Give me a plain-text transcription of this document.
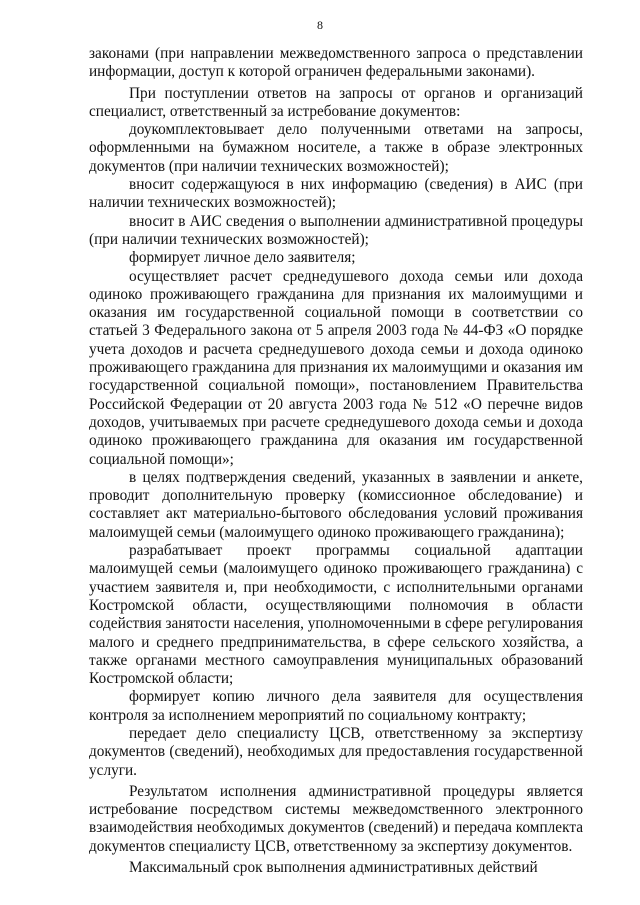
8

законами (при направлении межведомственного запроса о представлении информации, доступ к которой ограничен федеральными законами).

При поступлении ответов на запросы от органов и организаций специалист, ответственный за истребование документов:

доукомплектовывает дело полученными ответами на запросы, оформленными на бумажном носителе, а также в образе электронных документов (при наличии технических возможностей);

вносит содержащуюся в них информацию (сведения) в АИС (при наличии технических возможностей);

вносит в АИС сведения о выполнении административной процедуры (при наличии технических возможностей);

формирует личное дело заявителя;

осуществляет расчет среднедушевого дохода семьи или дохода одиноко проживающего гражданина для признания их малоимущими и оказания им государственной социальной помощи в соответствии со статьей 3 Федерального закона от 5 апреля 2003 года № 44-ФЗ «О порядке учета доходов и расчета среднедушевого дохода семьи и дохода одиноко проживающего гражданина для признания их малоимущими и оказания им государственной социальной помощи», постановлением Правительства Российской Федерации от 20 августа 2003 года № 512 «О перечне видов доходов, учитываемых при расчете среднедушевого дохода семьи и дохода одиноко проживающего гражданина для оказания им государственной социальной помощи»;

в целях подтверждения сведений, указанных в заявлении и анкете, проводит дополнительную проверку (комиссионное обследование) и составляет акт материально-бытового обследования условий проживания малоимущей семьи (малоимущего одиноко проживающего гражданина);

разрабатывает проект программы социальной адаптации малоимущей семьи (малоимущего одиноко проживающего гражданина) с участием заявителя и, при необходимости, с исполнительными органами Костромской области, осуществляющими полномочия в области содействия занятости населения, уполномоченными в сфере регулирования малого и среднего предпринимательства, в сфере сельского хозяйства, а также органами местного самоуправления муниципальных образований Костромской области;

формирует копию личного дела заявителя для осуществления контроля за исполнением мероприятий по социальному контракту;

передает дело специалисту ЦСВ, ответственному за экспертизу документов (сведений), необходимых для предоставления государственной услуги.

Результатом исполнения административной процедуры является истребование посредством системы межведомственного электронного взаимодействия необходимых документов (сведений) и передача комплекта документов специалисту ЦСВ, ответственному за экспертизу документов.

Максимальный срок выполнения административных действий
